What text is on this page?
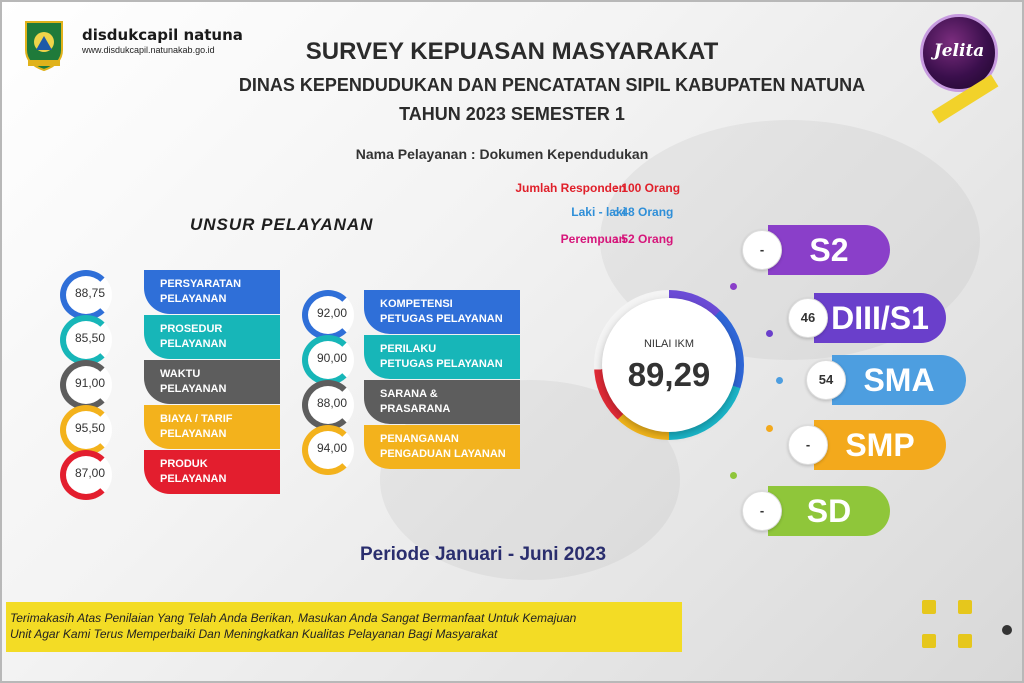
disdukcapil natuna
www.disdukcapil.natunakab.go.id	SURVEY KEPUASAN MASYARAKAT
DINAS KEPENDUDUKAN DAN PENCATATAN SIPIL KABUPATEN NATUNA
TAHUN 2023 SEMESTER 1
Jelita
Nama Pelayanan : Dokumen Kependudukan
Jumlah Responden
: 100 Orang
Laki - laki
: 48 Orang
Perempuan
: 52 Orang
UNSUR PELAYANAN
88,75
PERSYARATAN
PELAYANAN
85,50
PROSEDUR
PELAYANAN
91,00
WAKTU
PELAYANAN
95,50
BIAYA / TARIF
PELAYANAN
87,00
PRODUK
PELAYANAN
92,00
KOMPETENSI
PETUGAS PELAYANAN
90,00
PERILAKU
PETUGAS PELAYANAN
88,00
SARANA &
PRASARANA
94,00
PENANGANAN
PENGADUAN LAYANAN
NILAI IKM
89,29
S2
-
DIII/S1
46
SMA
54
SMP
-
SD
-
Periode Januari - Juni 2023
Terimakasih Atas Penilaian Yang Telah Anda Berikan, Masukan Anda Sangat Bermanfaat Untuk Kemajuan
Unit Agar Kami Terus Memperbaiki Dan Meningkatkan Kualitas Pelayanan Bagi Masyarakat
